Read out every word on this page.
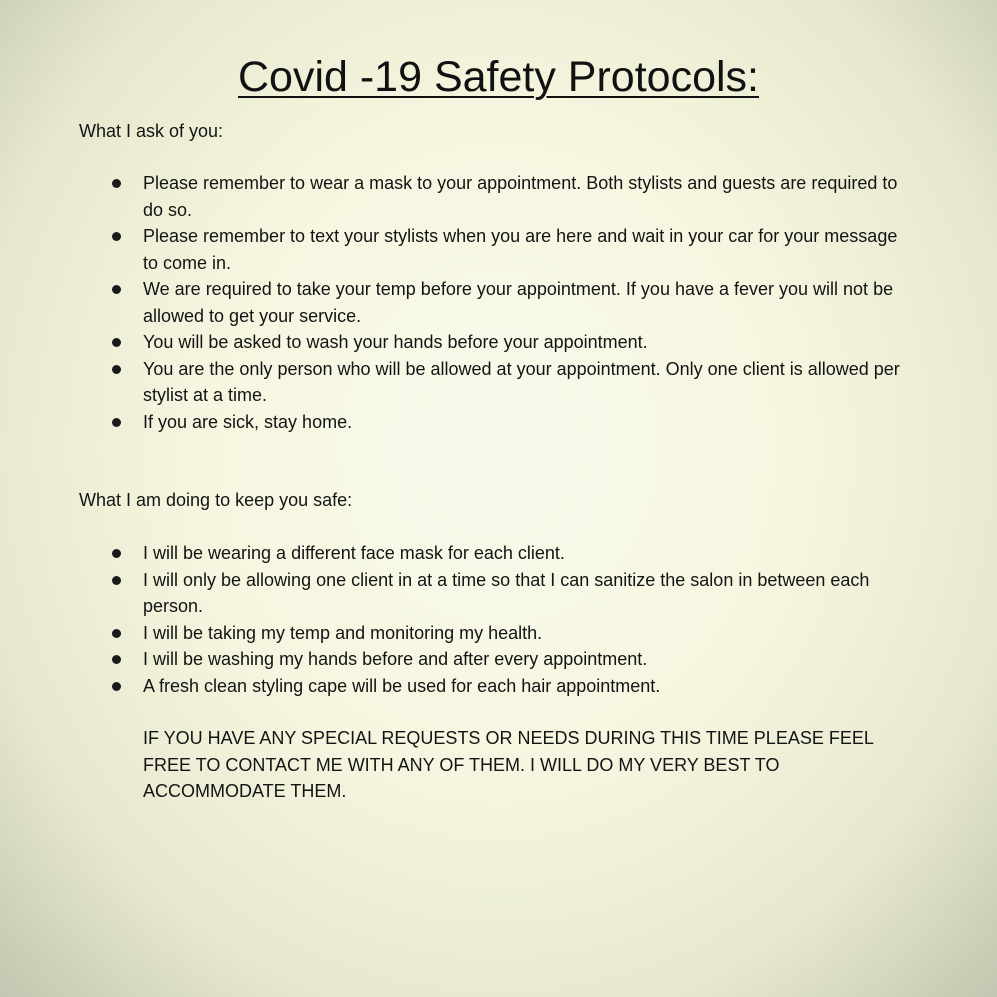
Covid -19 Safety Protocols:
What I ask of you:
Please remember to wear a mask to your appointment. Both stylists and guests are required to do so.
Please remember to text your stylists when you are here and wait in your car for your message to come in.
We are required to take your temp before your appointment. If you have a fever you will not be allowed to get your service.
You will be asked to wash your hands before your appointment.
You are the only person who will be allowed at your appointment. Only one client is allowed per stylist at a time.
If you are sick, stay home.
What I am doing to keep you safe:
I will be wearing a different face mask for each client.
I will only be allowing one client in at a time so that I can sanitize the salon in between each person.
I will be taking my temp and monitoring my health.
I will be washing my hands before and after every appointment.
A fresh clean styling cape will be used for each hair appointment.

IF YOU HAVE ANY SPECIAL REQUESTS OR NEEDS DURING THIS TIME PLEASE FEEL FREE TO CONTACT ME WITH ANY OF THEM. I WILL DO MY VERY BEST TO ACCOMMODATE THEM.
